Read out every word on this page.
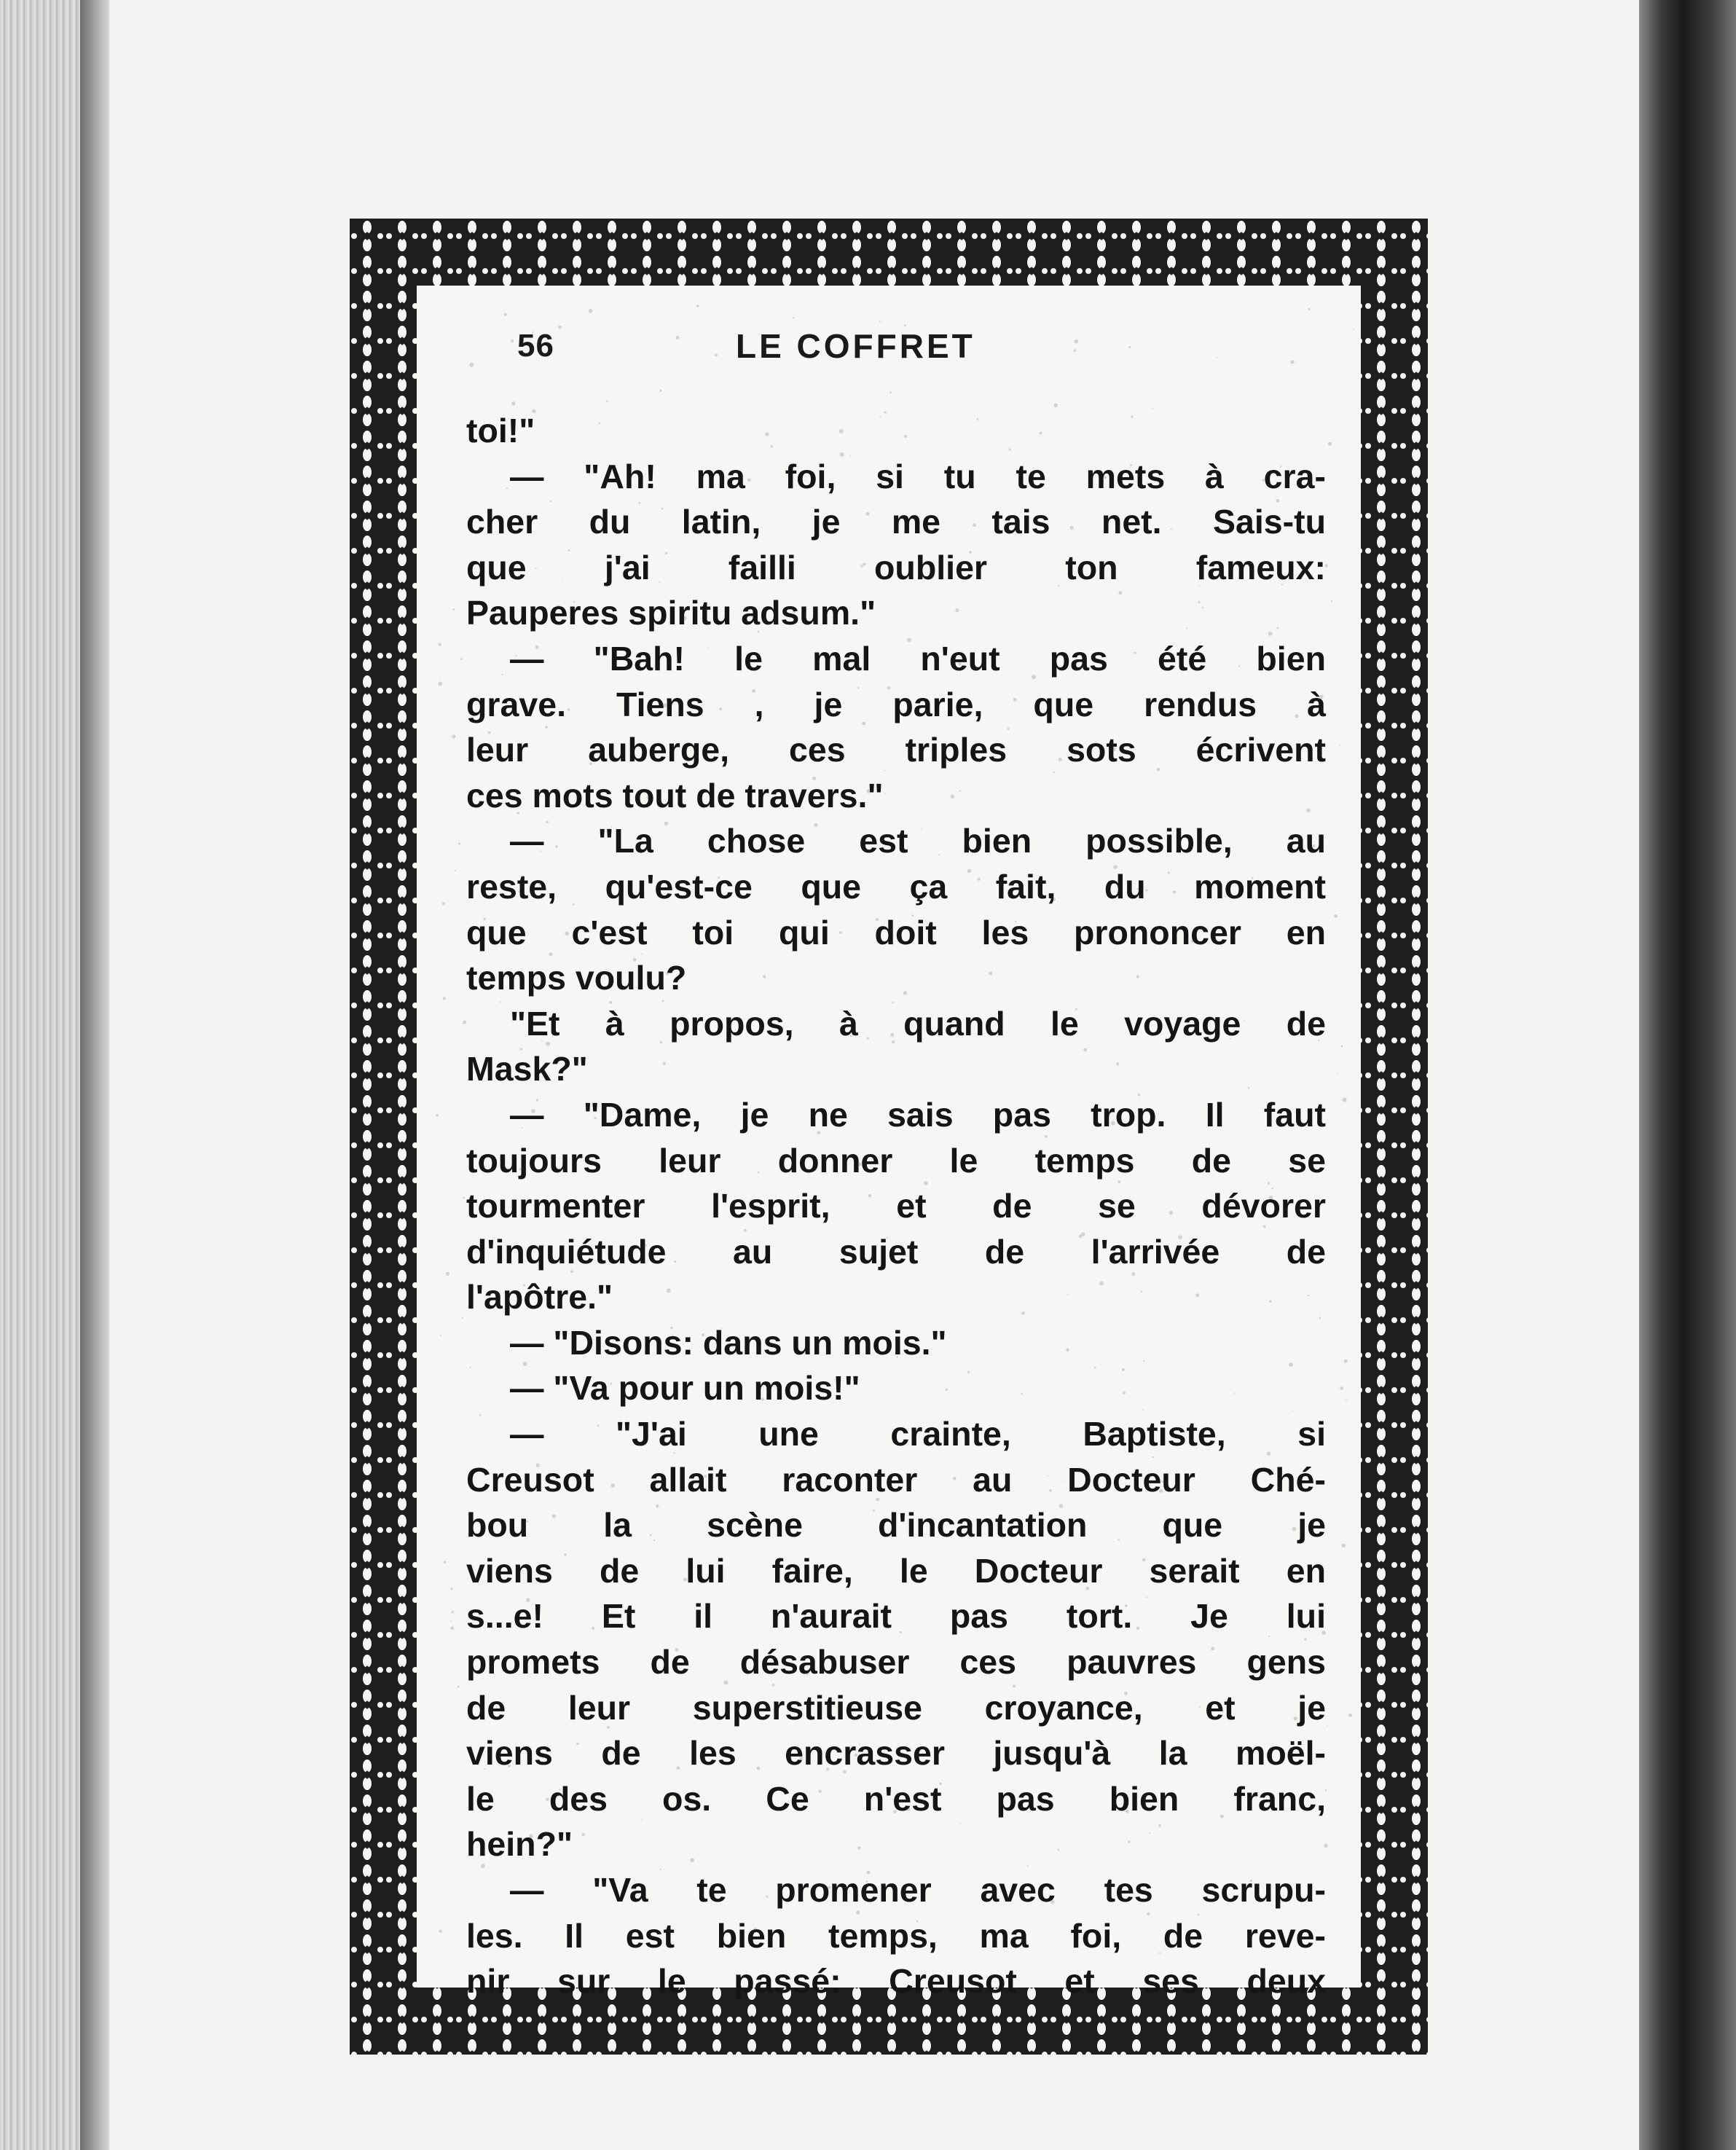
56	LE COFFRET
toi!"
— "Ah! ma foi, si tu te mets à cra-
cher du latin, je me tais net. Sais-tu
que j'ai failli oublier ton fameux:
Pauperes spiritu adsum."
— "Bah! le mal n'eut pas été bien
grave. Tiens , je parie, que rendus à
leur auberge, ces triples sots écrivent
ces mots tout de travers."
— "La chose est bien possible, au
reste, qu'est-ce que ça fait, du moment
que c'est toi qui doit les prononcer en
temps voulu?
"Et à propos, à quand le voyage de
Mask?"
— "Dame, je ne sais pas trop. Il faut
toujours leur donner le temps de se
tourmenter l'esprit, et de se dévorer
d'inquiétude au sujet de l'arrivée de
l'apôtre."
— "Disons: dans un mois."
— "Va pour un mois!"
— "J'ai une crainte, Baptiste, si
Creusot allait raconter au Docteur Ché-
bou la scène d'incantation que je
viens de lui faire, le Docteur serait en
s...e! Et il n'aurait pas tort. Je lui
promets de désabuser ces pauvres gens
de leur superstitieuse croyance, et je
viens de les encrasser jusqu'à la moël-
le des os. Ce n'est pas bien franc,
hein?"
— "Va te promener avec tes scrupu-
les. Il est bien temps, ma foi, de reve-
nir sur le passé: Creusot et ses deux
